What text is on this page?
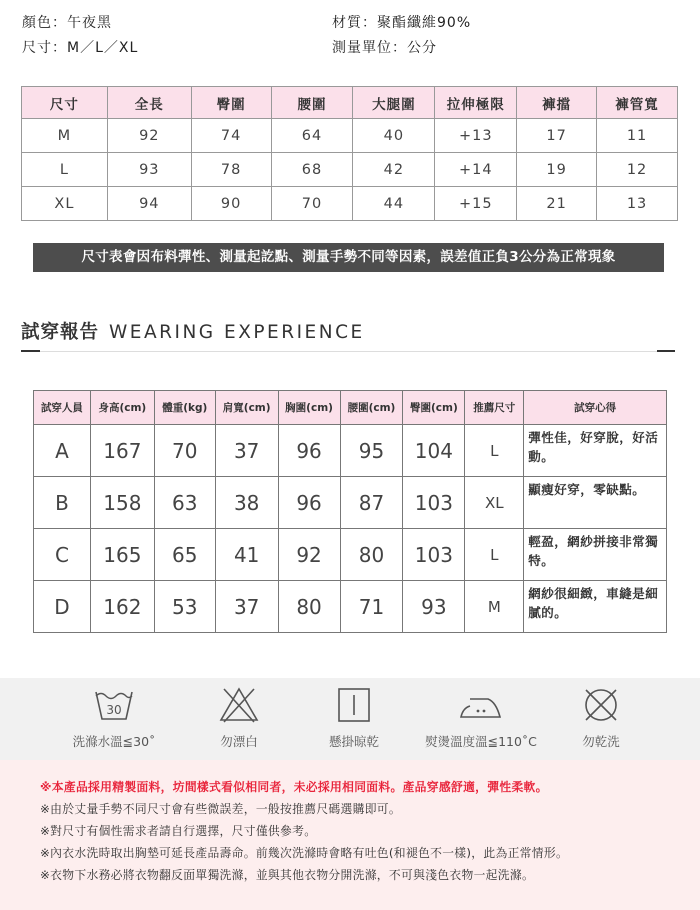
顏色：午夜黑
尺寸：M／L／XL
材質：聚酯纖維90%
測量單位：公分
尺寸	全長	臀圍	腰圍	大腿圍	拉伸極限	褲擋	褲管寬
M	92	74	64	40	+13	17	11
L	93	78	68	42	+14	19	12
XL	94	90	70	44	+15	21	13
尺寸表會因布料彈性、測量起訖點、測量手勢不同等因素，誤差值正負3公分為正常現象
試穿報告 WEARING EXPERIENCE
試穿人員	身高(cm)	體重(kg)	肩寬(cm)	胸圍(cm)	腰圍(cm)	臀圍(cm)	推薦尺寸	試穿心得
A	167	70	37	96	95	104	L	彈性佳，好穿脫，好活動。
B	158	63	38	96	87	103	XL	顯瘦好穿，零缺點。
C	165	65	41	92	80	103	L	輕盈，網紗拼接非常獨特。
D	162	53	37	80	71	93	M	網紗很細緻，車縫是細膩的。
30
洗滌水溫≦30˚	勿漂白	懸掛晾乾	熨燙溫度溫≦110˚C	勿乾洗
※本產品採用精製面料，坊間樣式看似相同者，未必採用相同面料。產品穿感舒適，彈性柔軟。
※由於丈量手勢不同尺寸會有些微誤差，一般按推薦尺碼選購即可。
※對尺寸有個性需求者請自行選擇，尺寸僅供參考。
※內衣水洗時取出胸墊可延長產品壽命。前幾次洗滌時會略有吐色(和褪色不一樣)，此為正常情形。
※衣物下水務必將衣物翻反面單獨洗滌，並與其他衣物分開洗滌，不可與淺色衣物一起洗滌。
